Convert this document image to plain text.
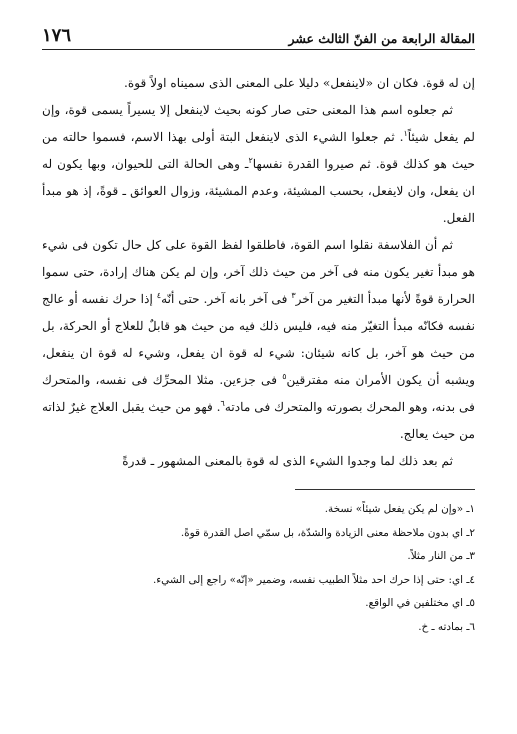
المقالة الرابعة من الفنّ الثالث عشر
١٧٦

إن له قوة. فكان ان «لاينفعل» دليلا على المعنى الذى سميناه اولاً قوة.

ثم جعلوه اسم هذا المعنى حتى صار كونه بحيث لاينفعل إلا يسيراً يسمى قوة، وإن لم يفعل شيئاً$^١$. ثم جعلوا الشيء الذى لاينفعل البتة أولى بهذا الاسم، فسموا حالته من حيث هو كذلك قوة. ثم صيروا القدرة نفسها$^٢$ـ وهى الحالة التى للحيوان، وبها يكون له ان يفعل، وان لايفعل، بحسب المشيئة، وعدم المشيئة، وزوال العوائق ـ قوةً، إذ هو مبدأ الفعل.

ثم أن الفلاسفة نقلوا اسم القوة، فاطلقوا لفظ القوة على كل حال تكون فى شيء هو مبدأ تغير يكون منه فى آخر من حيث ذلك آخر، وإن لم يكن هناك إرادة، حتى سموا الحرارة قوةً لأنها مبدأ التغير من آخر$^٣$ فى آخر بانه آخر. حتى أنّه$^٤$ إذا حرك نفسه أو عالج نفسه فكانّه مبدأ التغيّر منه فيه، فليس ذلك فيه من حيث هو قابلٌ للعلاج أو الحركة، بل من حيث هو آخر، بل كانه شيئان: شيء له قوة ان يفعل، وشيء له قوة ان ينفعل، ويشبه أن يكون الأمران منه مفترقين$^٥$ فى جزءين. مثلا المحرِّك فى نفسه، والمتحرك فى بدنه، وهو المحرك بصورته والمتحرك فى مادته$^٦$. فهو من حيث يقبل العلاج غيرٌ لذاته من حيث يعالج.

ثم بعد ذلك لما وجدوا الشيء الذى له قوة بالمعنى المشهور ـ قدرةً

١ـ «وإن لم يكن يفعل شيئاً» نسخة.
٢ـ اي بدون ملاحظة معنى الزيادة والشدّة، بل سمّي اصل القدرة قوةً.
٣ـ من النار مثلاً.
٤ـ اي: حتى إذا حرك احد مثلاً الطبيب نفسه، وضمير «إنّه» راجع إلى الشيء.
٥ـ اي مختلفين في الواقع.
٦ـ بمادته ـ خ.
